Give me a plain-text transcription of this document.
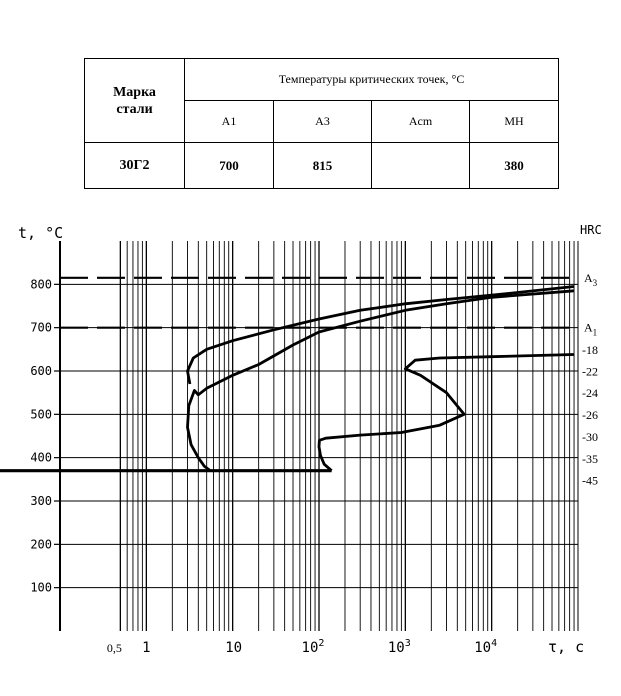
Марка стали	Температуры критических точек, °С			
	A1	A3	Acm	MH
30Г2	700	815		380
100
200
300
400
500
600
700
800
t, °C	HRC
τ, с
0,5 1	10	$10^2$	$10^3$	$10^4$
$A_3$
$A_1$
-18
-22
-24
-26
-30
-35
-45
